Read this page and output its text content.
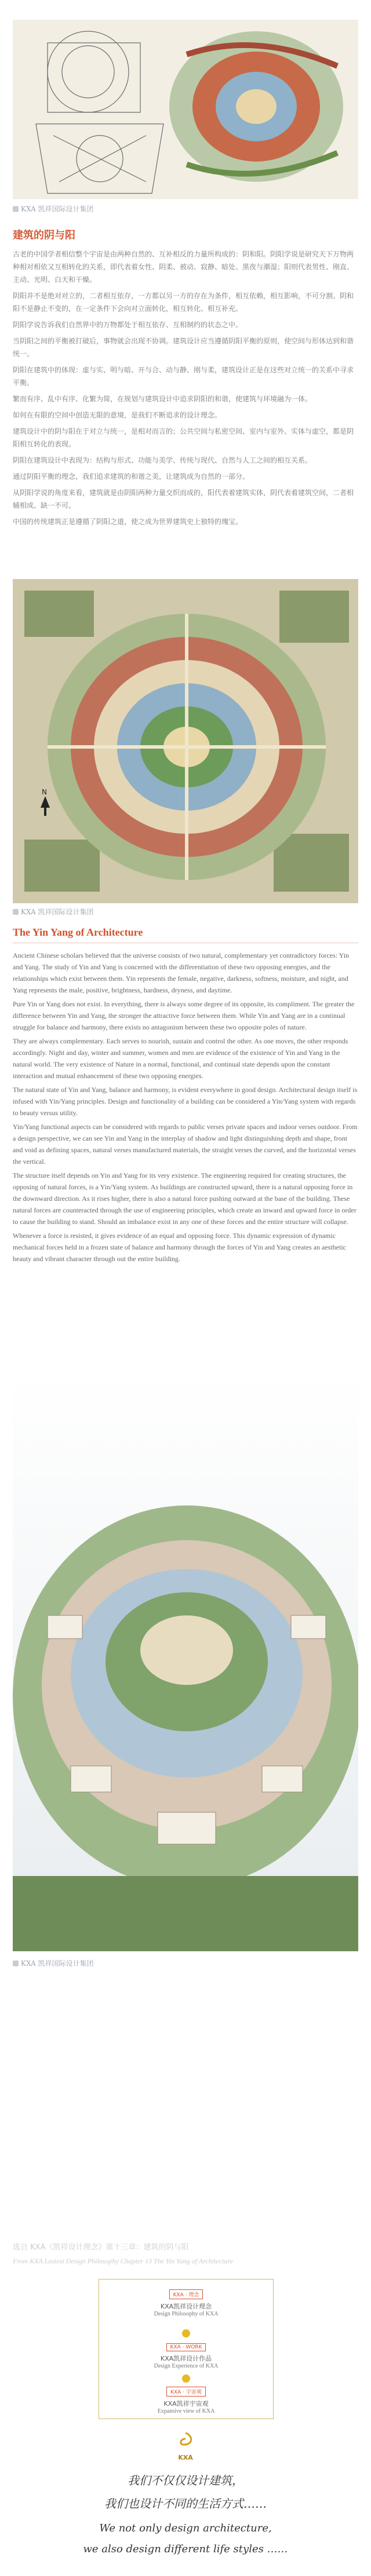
KXA 凯祥国际设计集团
建筑的阴与阳

古老的中国学者相信整个宇宙是由两种自然的、互补相反的力量所构成的：阴和阳。阴阳学说是研究天下万物两种相对相依又互相转化的关系，即代表着女性、阴柔、被动、寂静、暗处、黑夜与潮湿；阳则代表男性、刚直、主动、光明、白天和干燥。

阴阳并不是绝对对立的，二者相互依存，一方都以另一方的存在为条件，相互依赖，相互影响，不可分割。阴和阳不是静止不变的，在一定条件下会向对立面转化，相互转化、相互补充。

阴阳学说告诉我们自然界中的万物都处于相互依存、互相制约的状态之中。

当阴阳之间的平衡被打破后，事物就会出现不协调。建筑设计应当遵循阴阳平衡的原则，使空间与形体达到和谐统一。

阴阳在建筑中的体现：虚与实、明与暗、开与合、动与静、刚与柔，建筑设计正是在这些对立统一的关系中寻求平衡。

繁而有序、乱中有序、化繁为简，在规划与建筑设计中追求阴阳的和谐，使建筑与环境融为一体。

如何在有限的空间中创造无限的意境，是我们不断追求的设计理念。

建筑设计中的阴与阳在于对立与统一，是相对而言的；公共空间与私密空间、室内与室外、实体与虚空，都是阴阳相互转化的表现。

阴阳在建筑设计中表现为：结构与形式、功能与美学、传统与现代、自然与人工之间的相互关系。

通过阴阳平衡的理念，我们追求建筑的和谐之美，让建筑成为自然的一部分。

从阴阳学说的角度来看，建筑就是由阴阳两种力量交织而成的，阳代表着建筑实体，阴代表着建筑空间，二者相辅相成、缺一不可。

中国的传统建筑正是遵循了阴阳之道，使之成为世界建筑史上独特的瑰宝。

N
KXA 凯祥国际设计集团
The Yin Yang of Architecture

Ancient Chinese scholars believed that the universe consists of two natural, complementary yet contradictory forces: Yin and Yang. The study of Yin and Yang is concerned with the differentiation of these two opposing energies, and the relationships which exist between them. Yin represents the female, negative, darkness, softness, moisture, and night, and Yang represents the male, positive, brightness, hardness, dryness, and daytime.

Pure Yin or Yang does not exist. In everything, there is always some degree of its opposite, its compliment. The greater the difference between Yin and Yang, the stronger the attractive force between them. While Yin and Yang are in a continual struggle for balance and harmony, there exists no antagonism between these two opposite poles of nature.

They are always complementary. Each serves to nourish, sustain and control the other. As one moves, the other responds accordingly. Night and day, winter and summer, women and men are evidence of the existence of Yin and Yang in the natural world. The very existence of Nature in a normal, functional, and continual state depends upon the constant interaction and mutual enhancement of these two opposing energies.

The natural state of Yin and Yang, balance and harmony, is evident everywhere in good design. Architectural design itself is infused with Yin/Yang principles. Design and functionality of a building can be considered a Yin/Yang system with regards to beauty versus utility.

Yin/Yang functional aspects can be considered with regards to public verses private spaces and indoor verses outdoor. From a design perspective, we can see Yin and Yang in the interplay of shadow and light distinguishing depth and shape, front and void as defining spaces, natural verses manufactured materials, the straight verses the curved, and the horizontal verses the vertical.

The structure itself depends on Yin and Yang for its very existence. The engineering required for creating structures, the opposing of natural forces, is a Yin/Yang system. As buildings are constructed upward, there is a natural opposing force in the downward direction. As it rises higher, there is also a natural force pushing outward at the base of the building. These natural forces are counteracted through the use of engineering principles, which create an inward and upward force in order to cause the building to stand. Should an imbalance exist in any one of these forces and the entire structure will collapse.

Whenever a force is resisted, it gives evidence of an equal and opposing force. This dynamic expression of dynamic mechanical forces held in a frozen state of balance and harmony through the forces of Yin and Yang creates an aesthetic beauty and vibrant character through out the entire building.

KXA 凯祥国际设计集团
选自 KXA《凯祥设计理念》第十三章：建筑的阴与阳
From KXA Lastest Design Philosophy Chapter 13 The Yin Yang of Architecture
KXA · 理念
KXA凯祥设计理念
Design Philosophy of KXA
KXA · WORK
KXA凯祥设计作品
Design Experience of KXA
KXA · 宇宙观
KXA凯祥宇宙观
Expansive view of KXA
KXA
我们不仅仅设计建筑，
我们也设计不同的生活方式……
We not only design architecture,
we also design different life styles ……
